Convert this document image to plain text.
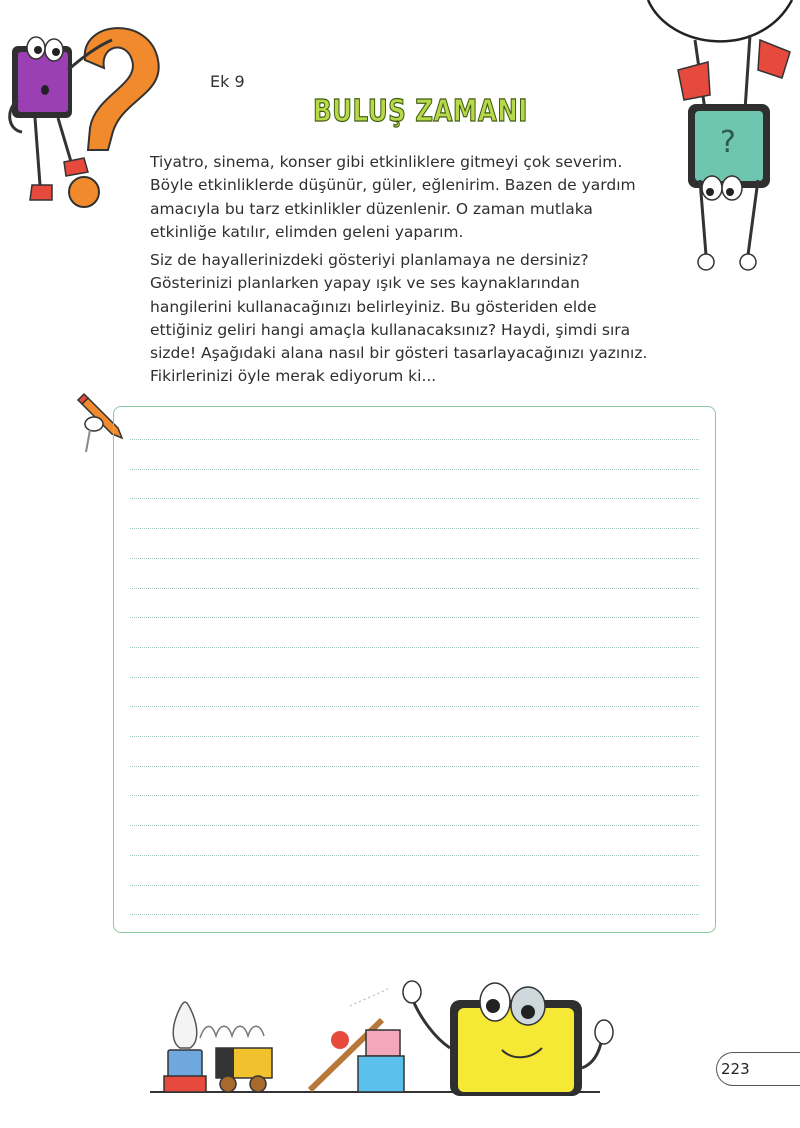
?
Ek 9
BULUŞ ZAMANI
Tiyatro, sinema, konser gibi etkinliklere gitmeyi çok severim.
Böyle etkinliklerde düşünür, güler, eğlenirim. Bazen de yardım
amacıyla bu tarz etkinlikler düzenlenir. O zaman mutlaka
etkinliğe katılır, elimden geleni yaparım.
Siz de hayallerinizdeki gösteriyi planlamaya ne dersiniz?
Gösterinizi planlarken yapay ışık ve ses kaynaklarından
hangilerini kullanacağınızı belirleyiniz. Bu gösteriden elde
ettiğiniz geliri hangi amaçla kullanacaksınız? Haydi, şimdi sıra
sizde! Aşağıdaki alana nasıl bir gösteri tasarlayacağınızı yazınız.
Fikirlerinizi öyle merak ediyorum ki...
223
